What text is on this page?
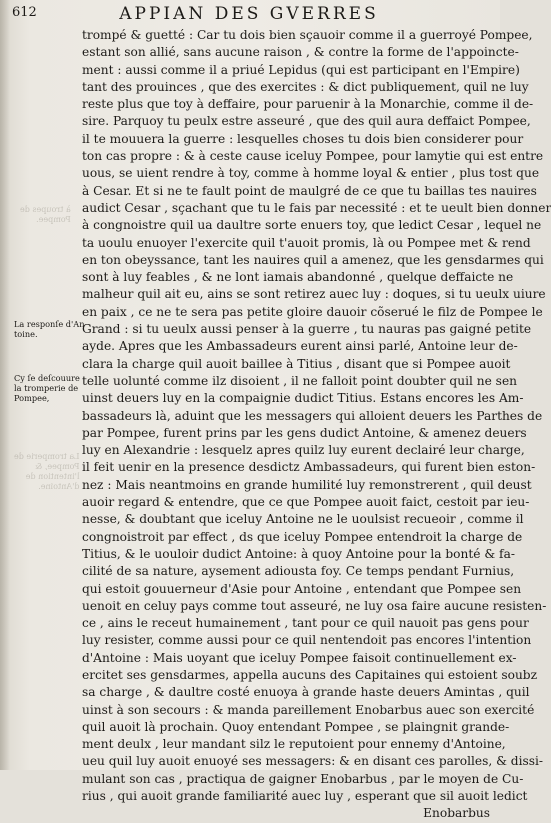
612	APPIAN DES GVERRES
à troupes de
Pompee.
La tromperie de
Pompee, &
l'intention de
d'Antoine.
La responſe d'An
toine.
Cy ſe deſcouure
la tromperie de
Pompee,
trompé & guetté : Car tu dois bien sçauoir comme il a guerroyé Pompee,
estant son allié, sans aucune raison , & contre la forme de l'appoincte-
ment : aussi comme il a priué Lepidus (qui est participant en l'Empire)
tant des prouinces , que des exercites : & dict publiquement, quil ne luy
reste plus que toy à deffaire, pour paruenir à la Monarchie, comme il de-
sire. Parquoy tu peulx estre asseuré , que des quil aura deffaict Pompee,
il te mouuera la guerre : lesquelles choses tu dois bien considerer pour
ton cas propre : & à ceste cause iceluy Pompee, pour lamytie qui est entre
uous, se uient rendre à toy, comme à homme loyal & entier , plus tost que
à Cesar. Et si ne te fault point de maulgré de ce que tu baillas tes nauires
audict Cesar , sçachant que tu le fais par necessité : et te ueult bien donner
à congnoistre quil ua daultre sorte enuers toy, que ledict Cesar , lequel ne
ta uoulu enuoyer l'exercite quil t'auoit promis, là ou Pompee met & rend
en ton obeyssance, tant les nauires quil a amenez, que les gensdarmes qui
sont à luy feables , & ne lont iamais abandonné , quelque deffaicte ne
malheur quil ait eu, ains se sont retirez auec luy : doques, si tu ueulx uiure
en paix , ce ne te sera pas petite gloire dauoir cõserué le filz de Pompee le
Grand : si tu ueulx aussi penser à la guerre , tu nauras pas gaigné petite
ayde. Apres que les Ambassadeurs eurent ainsi parlé, Antoine leur de-
clara la charge quil auoit baillee à Titius , disant que si Pompee auoit
telle uolunté comme ilz disoient , il ne falloit point doubter quil ne sen
uinst deuers luy en la compaignie dudict Titius. Estans encores les Am-
bassadeurs là, aduint que les messagers qui alloient deuers les Parthes de
par Pompee, furent prins par les gens dudict Antoine, & amenez deuers
luy en Alexandrie : lesquelz apres quilz luy eurent declairé leur charge,
il feit uenir en la presence desdictz Ambassadeurs, qui furent bien eston-
nez : Mais neantmoins en grande humilité luy remonstrerent , quil deust
auoir regard & entendre, que ce que Pompee auoit faict, cestoit par ieu-
nesse, & doubtant que iceluy Antoine ne le uoulsist recueoir , comme il
congnoistroit par effect , ds que iceluy Pompee entendroit la charge de
Titius, & le uouloir dudict Antoine: à quoy Antoine pour la bonté & fa-
cilité de sa nature, aysement adiousta foy. Ce temps pendant Furnius,
qui estoit gouuerneur d'Asie pour Antoine , entendant que Pompee sen
uenoit en celuy pays comme tout asseuré, ne luy osa faire aucune resisten-
ce , ains le receut humainement , tant pour ce quil nauoit pas gens pour
luy resister, comme aussi pour ce quil nentendoit pas encores l'intention
d'Antoine : Mais uoyant que iceluy Pompee faisoit continuellement ex-
ercitet ses gensdarmes, appella aucuns des Capitaines qui estoient soubz
sa charge , & daultre costé enuoya à grande haste deuers Amintas , quil
uinst à son secours : & manda pareillement Enobarbus auec son exercité
quil auoit là prochain. Quoy entendant Pompee , se plaingnit grande-
ment deulx , leur mandant silz le reputoient pour ennemy d'Antoine,
ueu quil luy auoit enuoyé ses messagers: & en disant ces parolles, & dissi-
mulant son cas , practiqua de gaigner Enobarbus , par le moyen de Cu-
rius , qui auoit grande familiarité auec luy , esperant que sil auoit ledict
Enobarbus
